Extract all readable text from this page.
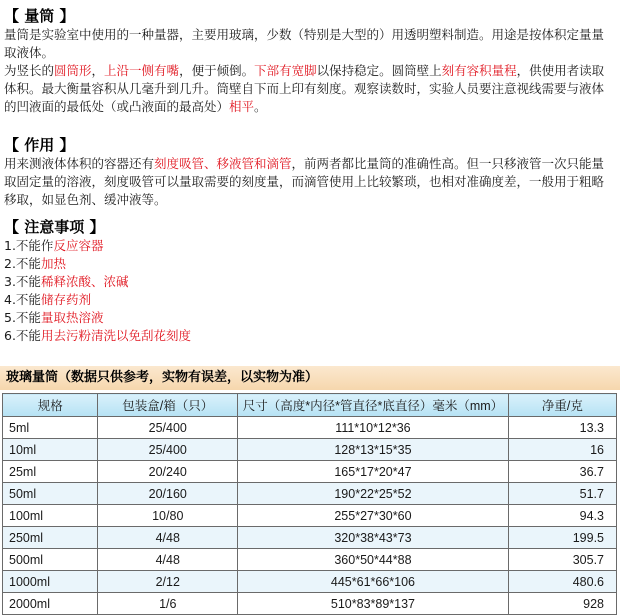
【 量筒 】

量筒是实验室中使用的一种量器，主要用玻璃，少数（特别是大型的）用透明塑料制造。用途是按体积定量量取液体。

为竖长的圆筒形，上沿一侧有嘴，便于倾倒。下部有宽脚以保持稳定。圆筒壁上刻有容积量程，供使用者读取体积。最大衡量容积从几毫升到几升。筒壁自下而上印有刻度。观察读数时，实验人员要注意视线需要与液体的凹液面的最低处（或凸液面的最高处）相平。

【 作用 】

用来测液体体积的容器还有刻度吸管、移液管和滴管，前两者都比量筒的准确性高。但一只移液管一次只能量取固定量的溶液，刻度吸管可以量取需要的刻度量，而滴管使用上比较繁琐，也相对准确度差，一般用于粗略移取，如显色剂、缓冲液等。

【 注意事项 】

1.不能作反应容器
2.不能加热
3.不能稀释浓酸、浓碱
4.不能储存药剂
5.不能量取热溶液
6.不能用去污粉清洗以免刮花刻度
玻璃量筒（数据只供参考，实物有误差，以实物为准）
规格	包装盒/箱（只）	尺寸（高度*内径*管直径*底直径）毫米（mm）	净重/克
5ml	25/400	111*10*12*36	13.3
10ml	25/400	128*13*15*35	16
25ml	20/240	165*17*20*47	36.7
50ml	20/160	190*22*25*52	51.7
100ml	10/80	255*27*30*60	94.3
250ml	4/48	320*38*43*73	199.5
500ml	4/48	360*50*44*88	305.7
1000ml	2/12	445*61*66*106	480.6
2000ml	1/6	510*83*89*137	928
